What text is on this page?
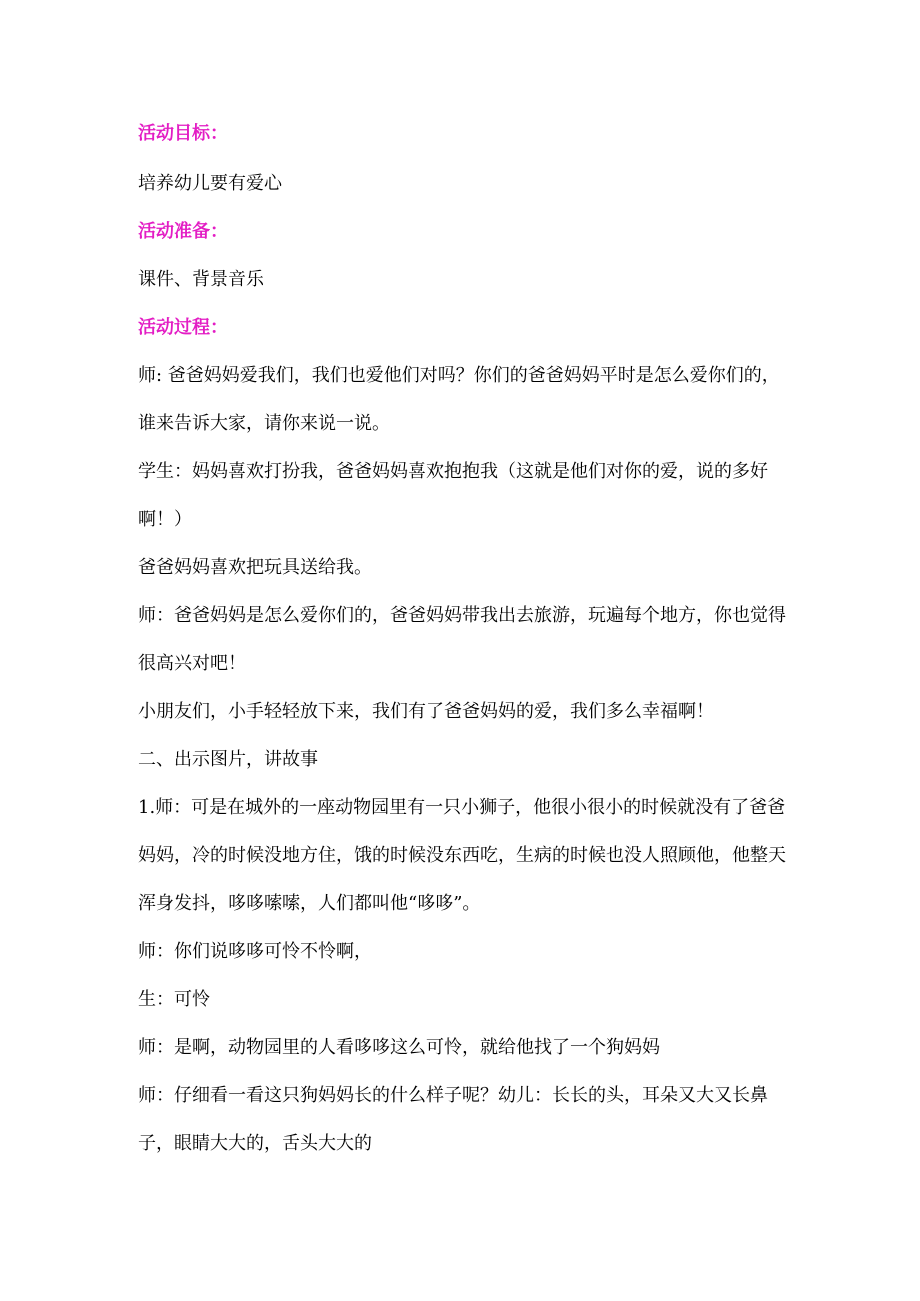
活动目标：
培养幼儿要有爱心
活动准备：
课件、背景音乐
活动过程：
师: 爸爸妈妈爱我们，我们也爱他们对吗？你们的爸爸妈妈平时是怎么爱你们的，谁来告诉大家，请你来说一说。
学生：妈妈喜欢打扮我，爸爸妈妈喜欢抱抱我（这就是他们对你的爱，说的多好啊！）
爸爸妈妈喜欢把玩具送给我。
师：爸爸妈妈是怎么爱你们的，爸爸妈妈带我出去旅游，玩遍每个地方，你也觉得很高兴对吧！
小朋友们，小手轻轻放下来，我们有了爸爸妈妈的爱，我们多么幸福啊！
二、出示图片，讲故事
1.师：可是在城外的一座动物园里有一只小狮子，他很小很小的时候就没有了爸爸妈妈，冷的时候没地方住，饿的时候没东西吃，生病的时候也没人照顾他，他整天浑身发抖，哆哆嗦嗦，人们都叫他“哆哆”。
师：你们说哆哆可怜不怜啊，
生：可怜
师：是啊，动物园里的人看哆哆这么可怜，就给他找了一个狗妈妈
师：仔细看一看这只狗妈妈长的什么样子呢？幼儿：长长的头，耳朵又大又长鼻子，眼睛大大的，舌头大大的
